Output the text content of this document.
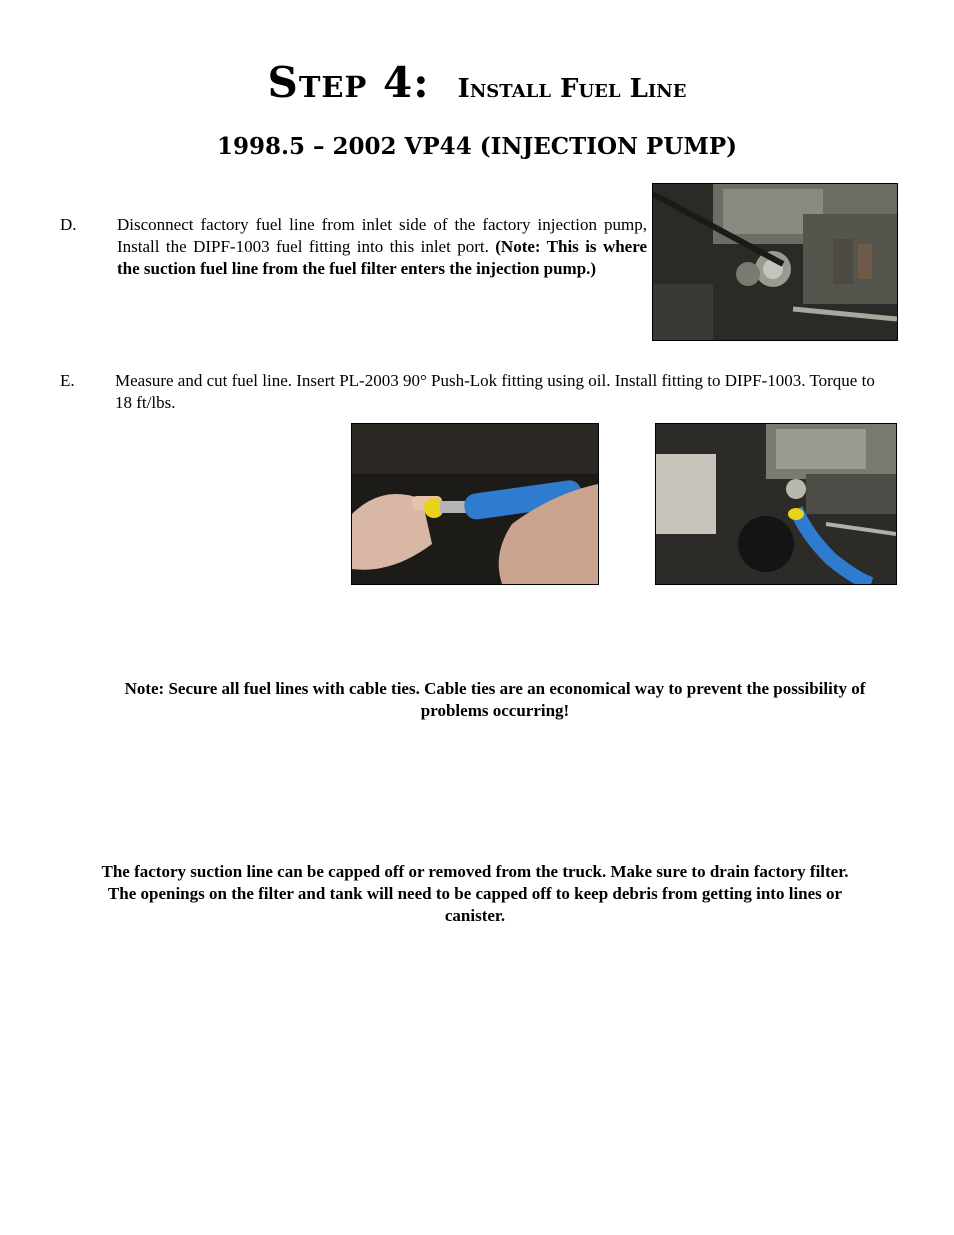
Step 4: Install Fuel Line
1998.5 – 2002 VP44 (INJECTION PUMP)
D. Disconnect factory fuel line from inlet side of the factory injection pump, Install the DIPF-1003 fuel fitting into this inlet port. (Note: This is where the suction fuel line from the fuel filter enters the injection pump.)
E. Measure and cut fuel line. Insert PL-2003 90° Push-Lok fitting using oil. Install fitting to DIPF-1003. Torque to 18 ft/lbs.
Note: Secure all fuel lines with cable ties. Cable ties are an economical way to prevent the possibility of problems occurring!
The factory suction line can be capped off or removed from the truck. Make sure to drain factory filter. The openings on the filter and tank will need to be capped off to keep debris from getting into lines or canister.
